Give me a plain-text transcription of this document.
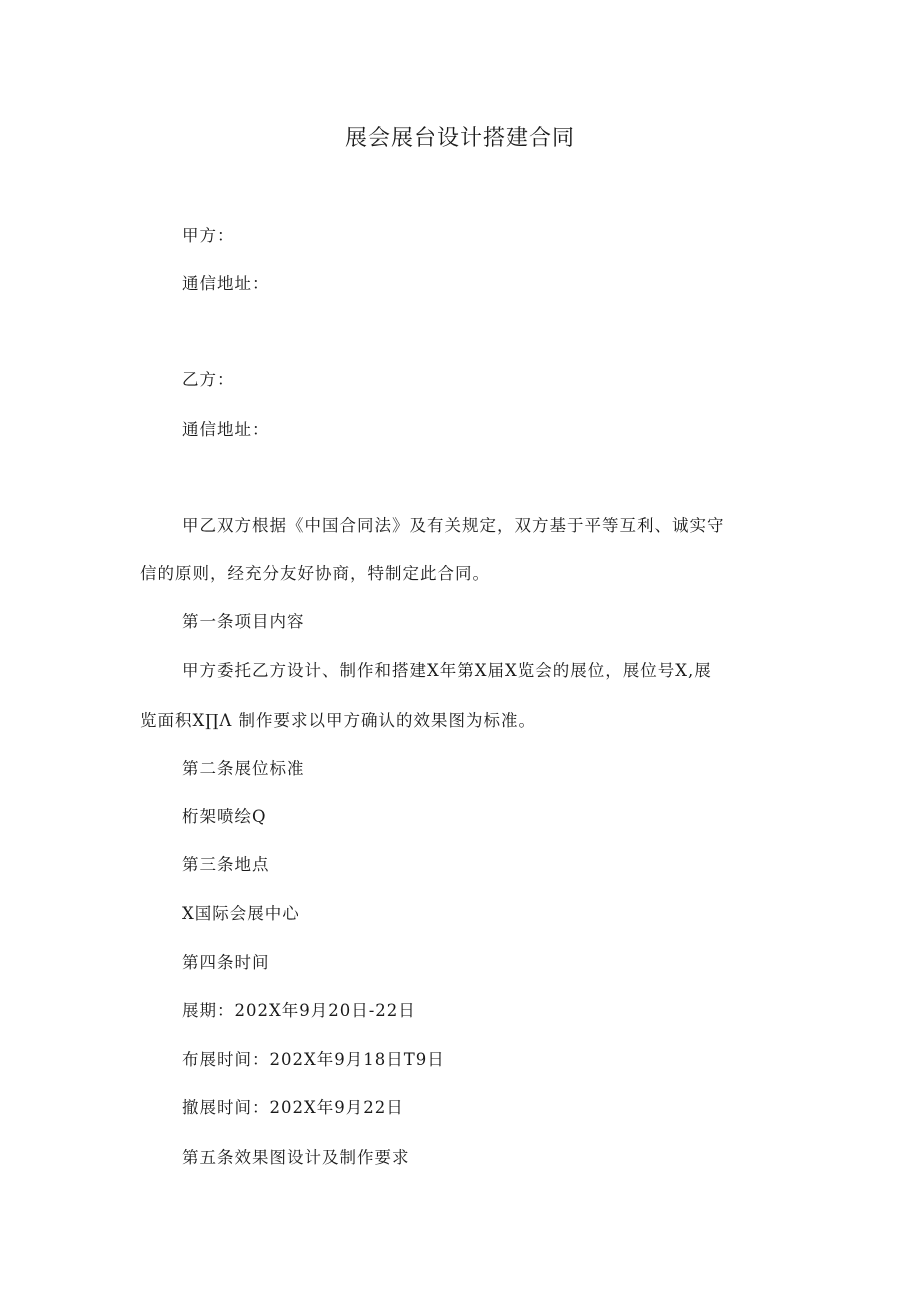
展会展台设计搭建合同
甲方：
通信地址：
乙方：
通信地址：
甲乙双方根据《中国合同法》及有关规定，双方基于平等互利、诚实守
信的原则，经充分友好协商，特制定此合同。
第一条项目内容
甲方委托乙方设计、制作和搭建X年第X届X览会的展位，展位号X,展
览面积X∏Λ 制作要求以甲方确认的效果图为标准。
第二条展位标准
桁架喷绘Q
第三条地点
X国际会展中心
第四条时间
展期：202X年9月20日-22日
布展时间：202X年9月18日T9日
撤展时间：202X年9月22日
第五条效果图设计及制作要求
